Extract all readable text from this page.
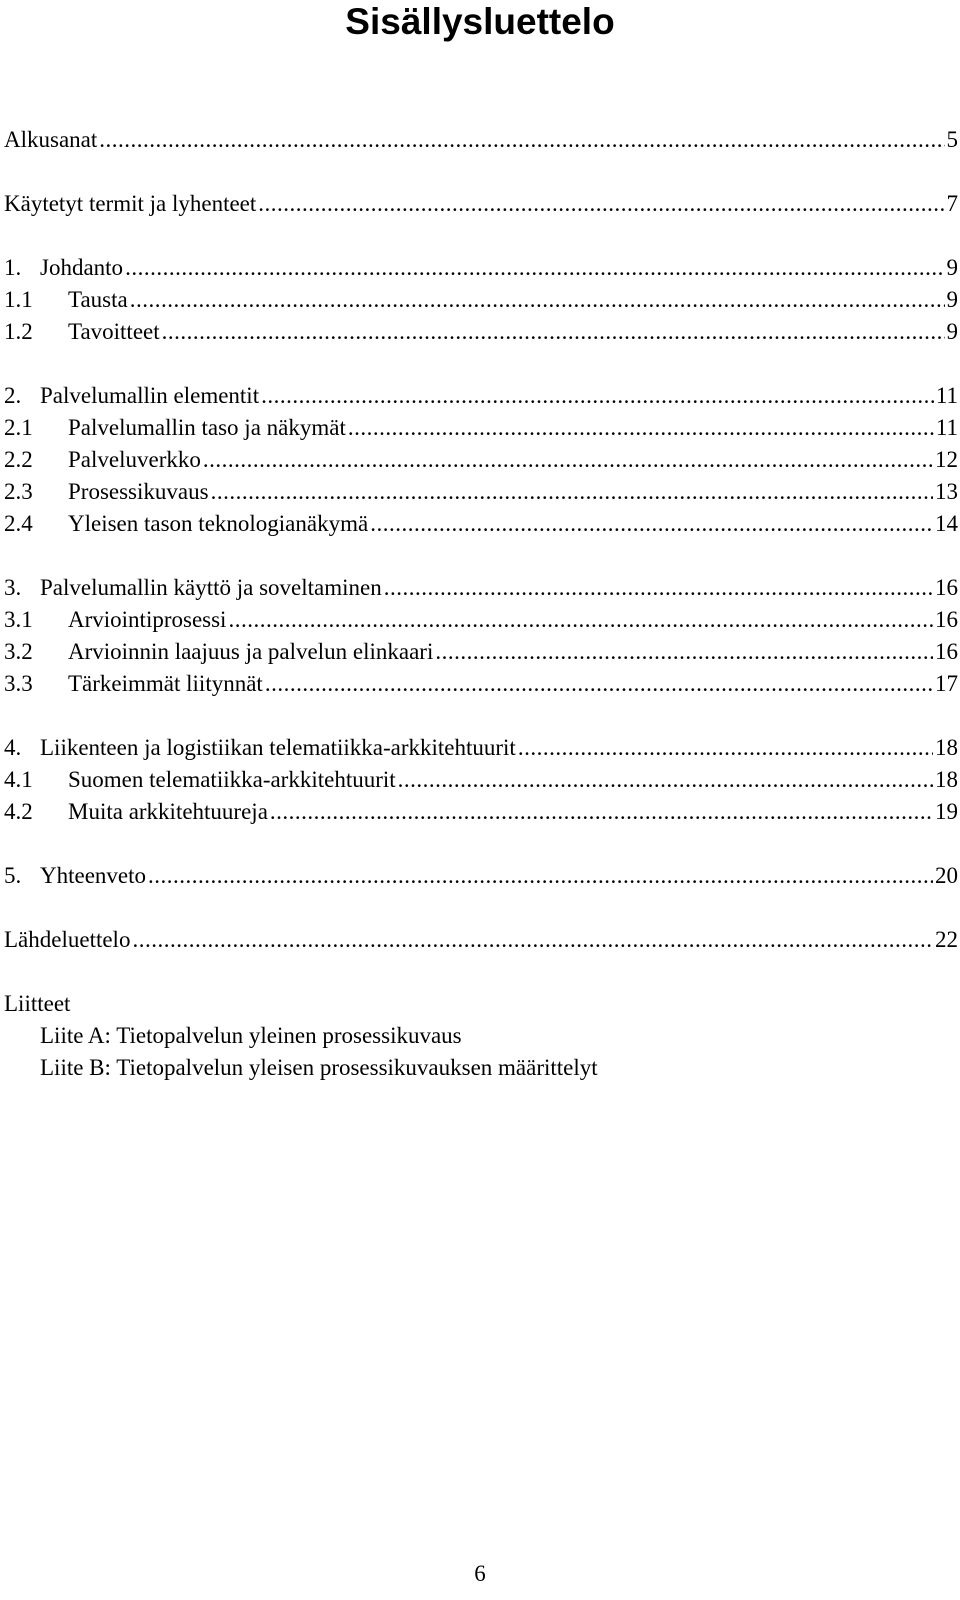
Sisällysluettelo
Alkusanat .....	5
Käytetyt termit ja lyhenteet .....	7
1. Johdanto .....	9
1.1	Tausta .....	9
1.2	Tavoitteet .....	9
2. Palvelumallin elementit .....	11
2.1	Palvelumallin taso ja näkymät .....	11
2.2	Palveluverkko .....	12
2.3	Prosessikuvaus .....	13
2.4	Yleisen tason teknologianäkymä .....	14
3. Palvelumallin käyttö ja soveltaminen .....	16
3.1	Arviointiprosessi .....	16
3.2	Arvioinnin laajuus ja palvelun elinkaari .....	16
3.3	Tärkeimmät liitynnät .....	17
4. Liikenteen ja logistiikan telematiikka-arkkitehtuurit .....	18
4.1	Suomen telematiikka-arkkitehtuurit .....	18
4.2	Muita arkkitehtuureja .....	19
5. Yhteenveto .....	20
Lähdeluettelo .....	22
Liitteet
Liite A: Tietopalvelun yleinen prosessikuvaus
Liite B: Tietopalvelun yleisen prosessikuvauksen määrittelyt
6
